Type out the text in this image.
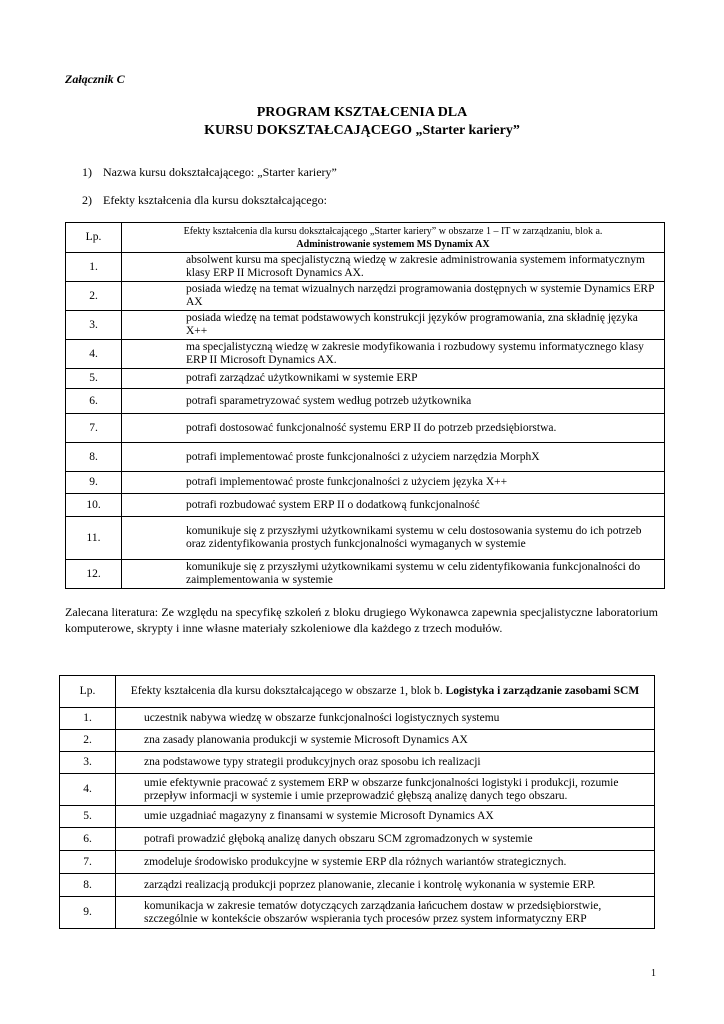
Załącznik C
PROGRAM KSZTAŁCENIA DLA
KURSU DOKSZTAŁCAJĄCEGO „Starter kariery”
1) Nazwa kursu dokształcającego: „Starter kariery”
2) Efekty kształcenia dla kursu dokształcającego:
Lp.	Efekty kształcenia dla kursu dokształcającego „Starter kariery” w obszarze 1 – IT w zarządzaniu, blok a.
Administrowanie systemem MS Dynamix AX

1.	absolwent kursu ma specjalistyczną wiedzę w zakresie administrowania systemem informatycznym klasy ERP II Microsoft Dynamics AX.
2.	posiada wiedzę na temat wizualnych narzędzi programowania dostępnych w systemie Dynamics ERP AX
3.	posiada wiedzę na temat podstawowych konstrukcji języków programowania, zna składnię języka X++
4.	ma specjalistyczną wiedzę w zakresie modyfikowania i rozbudowy systemu informatycznego klasy ERP II Microsoft Dynamics AX.
5.	potrafi zarządzać użytkownikami w systemie ERP
6.	potrafi sparametryzować system według potrzeb użytkownika
7.	potrafi dostosować funkcjonalność systemu ERP II do potrzeb przedsiębiorstwa.
8.	potrafi implementować proste funkcjonalności z użyciem narzędzia MorphX
9.	potrafi implementować proste funkcjonalności z użyciem języka X++
10.	potrafi rozbudować system ERP II o dodatkową funkcjonalność
11.	komunikuje się z przyszłymi użytkownikami systemu w celu dostosowania systemu do ich potrzeb oraz zidentyfikowania prostych funkcjonalności wymaganych w systemie
12.	komunikuje się z przyszłymi użytkownikami systemu w celu zidentyfikowania funkcjonalności do zaimplementowania w systemie
Zalecana literatura: Ze względu na specyfikę szkoleń z bloku drugiego Wykonawca zapewnia specjalistyczne laboratorium komputerowe, skrypty i inne własne materiały szkoleniowe dla każdego z trzech modułów.
Lp.	Efekty kształcenia dla kursu dokształcającego w obszarze 1, blok b. Logistyka i zarządzanie zasobami SCM
1.	uczestnik nabywa wiedzę w obszarze funkcjonalności logistycznych systemu
2.	zna zasady planowania produkcji w systemie Microsoft Dynamics AX
3.	zna podstawowe typy strategii produkcyjnych oraz sposobu ich realizacji
4.	umie efektywnie pracować z systemem ERP w obszarze funkcjonalności logistyki i produkcji, rozumie przepływ informacji w systemie i umie przeprowadzić głębszą analizę danych tego obszaru.
5.	umie uzgadniać magazyny z finansami w systemie Microsoft Dynamics AX
6.	potrafi prowadzić głęboką analizę danych obszaru SCM zgromadzonych w systemie
7.	zmodeluje środowisko produkcyjne w systemie ERP dla różnych wariantów strategicznych.
8.	zarządzi realizacją produkcji poprzez planowanie, zlecanie i kontrolę wykonania w systemie ERP.
9.	komunikacja w zakresie tematów dotyczących zarządzania łańcuchem dostaw w przedsiębiorstwie, szczególnie w kontekście obszarów wspierania tych procesów przez system informatyczny ERP
1
